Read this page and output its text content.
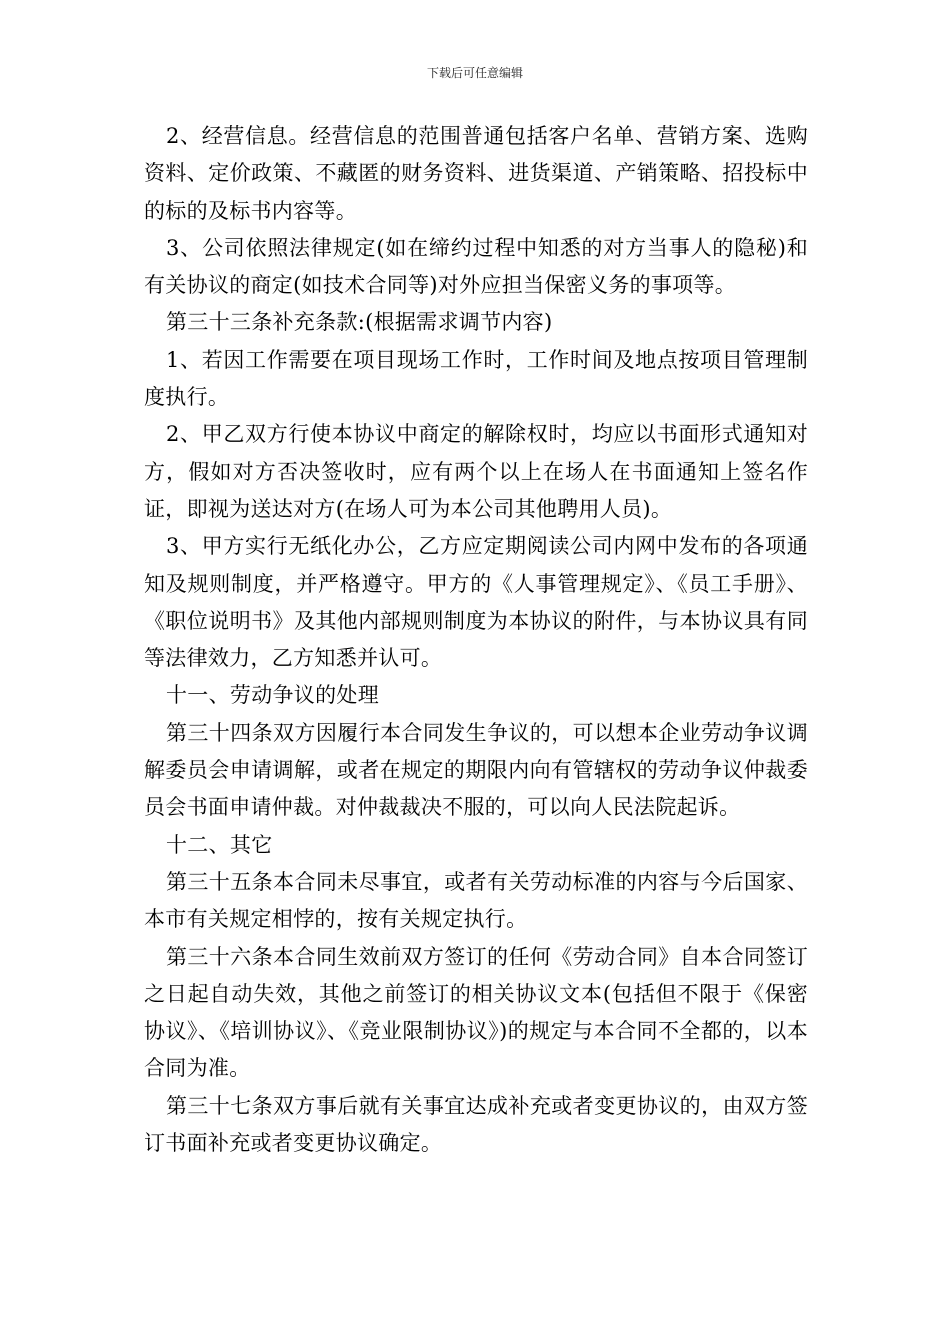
下载后可任意编辑

2、经营信息。经营信息的范围普通包括客户名单、营销方案、选购资料、定价政策、不藏匿的财务资料、进货渠道、产销策略、招投标中的标的及标书内容等。

3、公司依照法律规定(如在缔约过程中知悉的对方当事人的隐秘)和有关协议的商定(如技术合同等)对外应担当保密义务的事项等。

第三十三条补充条款:(根据需求调节内容)

1、若因工作需要在项目现场工作时，工作时间及地点按项目管理制度执行。

2、甲乙双方行使本协议中商定的解除权时，均应以书面形式通知对方，假如对方否决签收时，应有两个以上在场人在书面通知上签名作证，即视为送达对方(在场人可为本公司其他聘用人员)。

3、甲方实行无纸化办公，乙方应定期阅读公司内网中发布的各项通知及规则制度，并严格遵守。甲方的《人事管理规定》、《员工手册》、《职位说明书》及其他内部规则制度为本协议的附件，与本协议具有同等法律效力，乙方知悉并认可。

十一、劳动争议的处理

第三十四条双方因履行本合同发生争议的，可以想本企业劳动争议调解委员会申请调解，或者在规定的期限内向有管辖权的劳动争议仲裁委员会书面申请仲裁。对仲裁裁决不服的，可以向人民法院起诉。

十二、其它

第三十五条本合同未尽事宜，或者有关劳动标准的内容与今后国家、本市有关规定相悖的，按有关规定执行。

第三十六条本合同生效前双方签订的任何《劳动合同》自本合同签订之日起自动失效，其他之前签订的相关协议文本(包括但不限于《保密协议》、《培训协议》、《竞业限制协议》)的规定与本合同不全都的，以本合同为准。

第三十七条双方事后就有关事宜达成补充或者变更协议的，由双方签订书面补充或者变更协议确定。
